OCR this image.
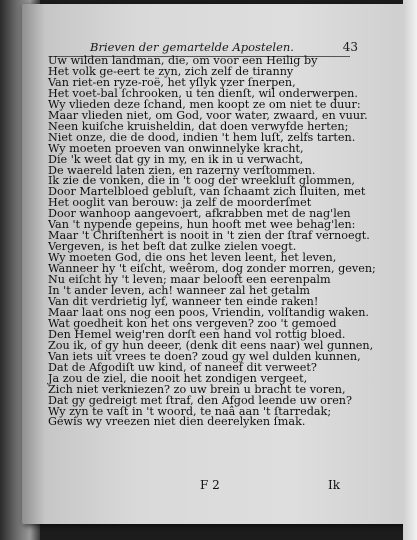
Brieven der gemartelde Apostelen.	43
Uw wilden landman, die, om voor een Heilig by
Het volk ge-eert te zyn, zich zelf de tiranny
Van riet-en ryze-roë, het yſlyk yzer ſnerpen,
Het voet-bal ſchrooken, u ten dienſt, wil onderwerpen.
Wy vlieden deze ſchand, men koopt ze om niet te duur:
Maar vlieden niet, om God, voor water, zwaard, en vuur.
Neen kuiſche kruisheldin, dat doen verwyfde herten;
Niet onze, die de dood, indien 't hem luſt, zelfs tarten.
Wy moeten proeven van onwinnelyke kracht,
Die 'k weet dat gy in my, en ik in u verwacht,
De waereld laten zien, en razerny verſtommen.
Ik zie de vonken, die in 't oog der wreekluſt glommen,
Door Martelbloed gebluſt, van ſchaamt zich ſluiten, met
Het ooglit van berouw: ja zelf de moorderſmet
Door wanhoop aangevoert, afkrabben met de nag'len
Van 't nypende gepeins, hun hooft met wee behag'len:
Maar 't Chriſtenhert is nooit in 't zien der ſtraf vernoegt.
Vergeven, is het beſt dat zulke zielen voegt.
Wy moeten God, die ons het leven leent, het leven,
Wanneer hy 't eiſcht, weêrom, dog zonder morren, geven;
Nu eiſcht hy 't leven; maar belooft een eerenpalm
In 't ander leven, ach! wanneer zal het getalm
Van dit verdrietig lyf, wanneer ten einde raken!
Maar laat ons nog een poos, Vriendin, volſtandig waken.
Wat goedheit kon het ons vergeven? zoo 't gemoed
Den Hemel weig'ren dorſt een hand vol rottig bloed.
Zou ik, of gy hun deeer, (denk dit eens naar) wel gunnen,
Van iets uit vrees te doen? zoud gy wel dulden kunnen,
Dat de Afgodiſt uw kind, of naneef dit verweet?
Ja zou de ziel, die nooit het zondigen vergeet,
Zich niet verkniezen? zo uw brein u bracht te voren,
Dat gy gedreigt met ſtraf, den Afgod leende uw oren?
Wy zyn te vaſt in 't woord, te naâ aan 't ſtarredak;
Gewis wy vreezen niet dien deerelyken ſmak.
F 2	Ik
